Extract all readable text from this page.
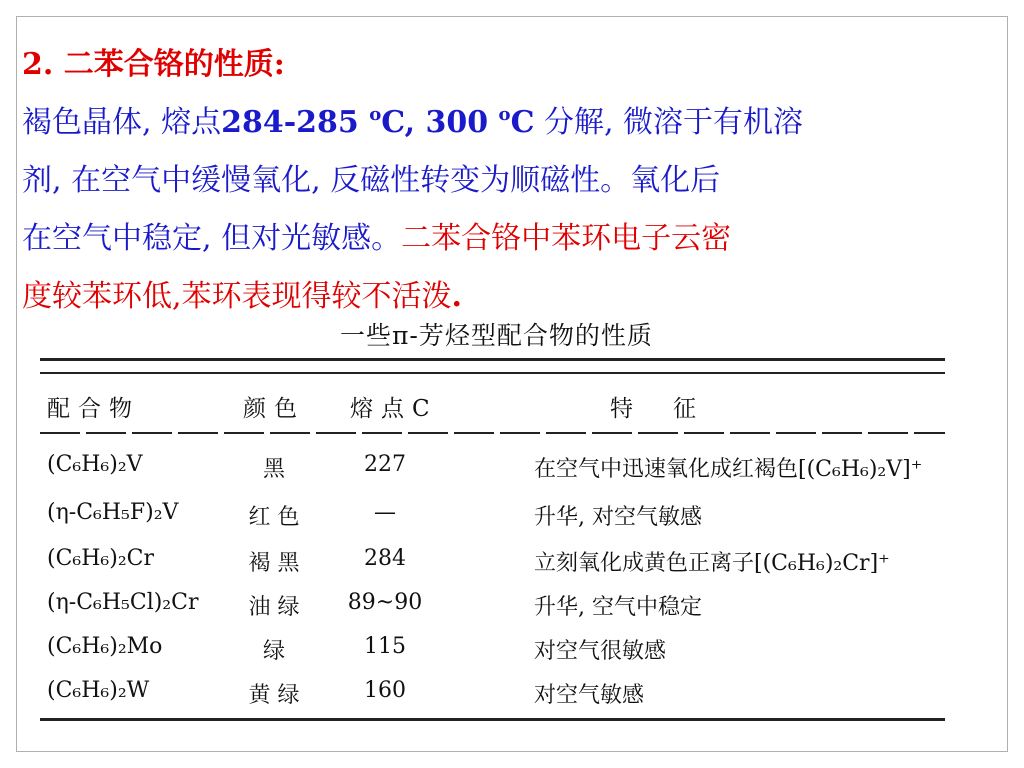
2. 二苯合铬的性质:
褐色晶体, 熔点284-285 $^o$C, 300 $^o$C 分解, 微溶于有机溶
剂, 在空气中缓慢氧化, 反磁性转变为顺磁性。氧化后
在空气中稳定, 但对光敏感。二苯合铬中苯环电子云密
度较苯环低,苯环表现得较不活泼.
一些π-芳烃型配合物的性质
配合物	颜色	熔点C	特征
(C₆H₆)₂V	黑	227	在空气中迅速氧化成红褐色[(C₆H₆)₂V]⁺
(η-C₆H₅F)₂V	红 色	—	升华, 对空气敏感
(C₆H₆)₂Cr	褐 黑	284	立刻氧化成黄色正离子[(C₆H₆)₂Cr]⁺
(η-C₆H₅Cl)₂Cr	油 绿	89~90	升华, 空气中稳定
(C₆H₆)₂Mo	绿	115	对空气很敏感
(C₆H₆)₂W	黄 绿	160	对空气敏感
